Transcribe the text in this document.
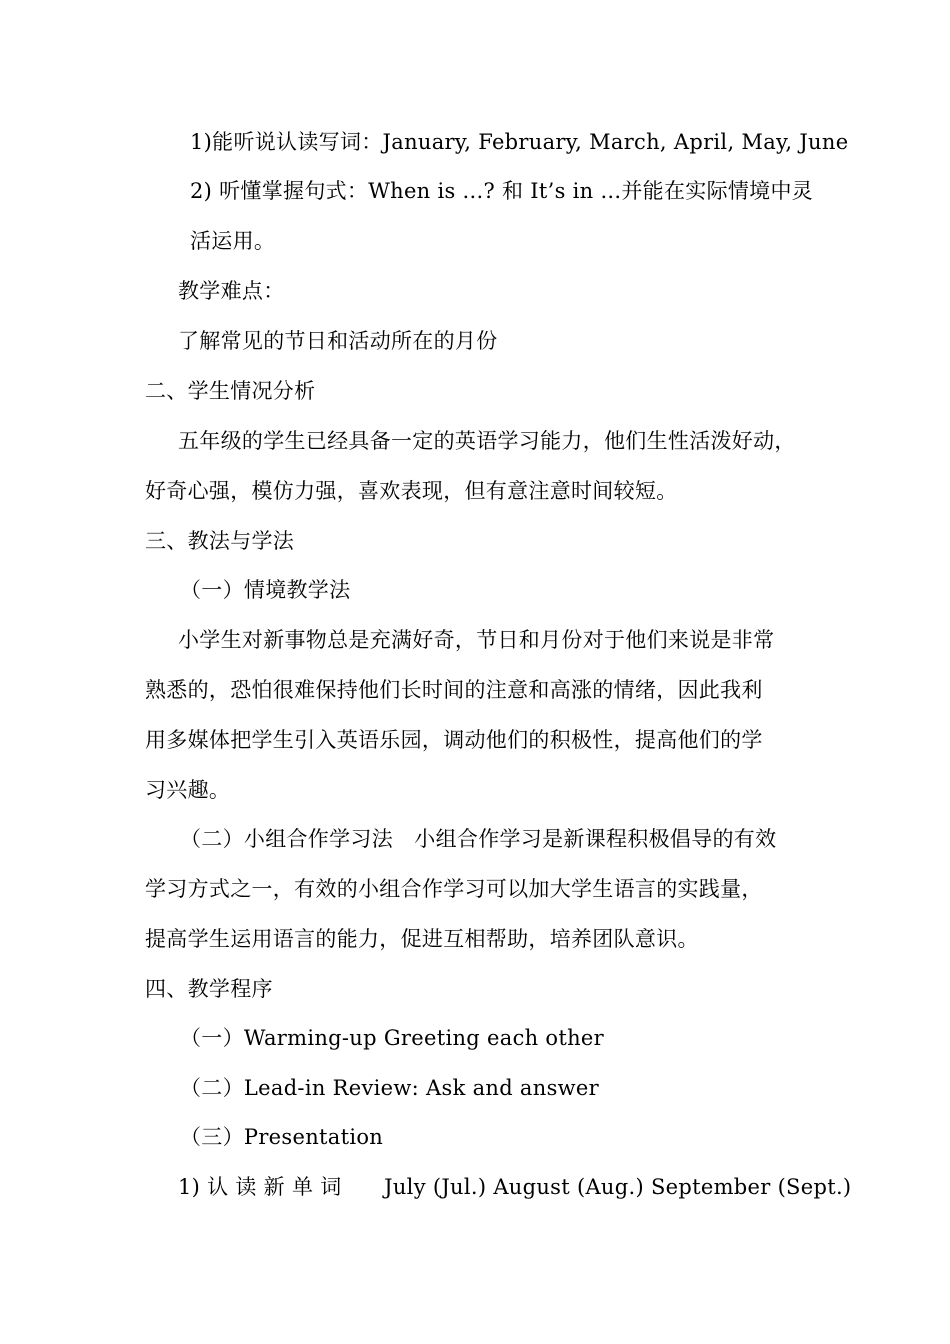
1)能听说认读写词：January, February, March, April, May, June
2) 听懂掌握句式：When is ...? 和 It’s in ...并能在实际情境中灵
活运用。
教学难点：
了解常见的节日和活动所在的月份
二、学生情况分析
五年级的学生已经具备一定的英语学习能力，他们生性活泼好动，
好奇心强，模仿力强，喜欢表现，但有意注意时间较短。
三、教法与学法
（一）情境教学法
小学生对新事物总是充满好奇，节日和月份对于他们来说是非常
熟悉的，恐怕很难保持他们长时间的注意和高涨的情绪，因此我利
用多媒体把学生引入英语乐园，调动他们的积极性，提高他们的学
习兴趣。
（二）小组合作学习法　小组合作学习是新课程积极倡导的有效
学习方式之一，有效的小组合作学习可以加大学生语言的实践量，
提高学生运用语言的能力，促进互相帮助，培养团队意识。
四、教学程序
（一）Warming-up Greeting each other
（二）Lead-in Review: Ask and answer
（三）Presentation
1) 认 读 新 单 词　　July (Jul.) August (Aug.) September (Sept.)
